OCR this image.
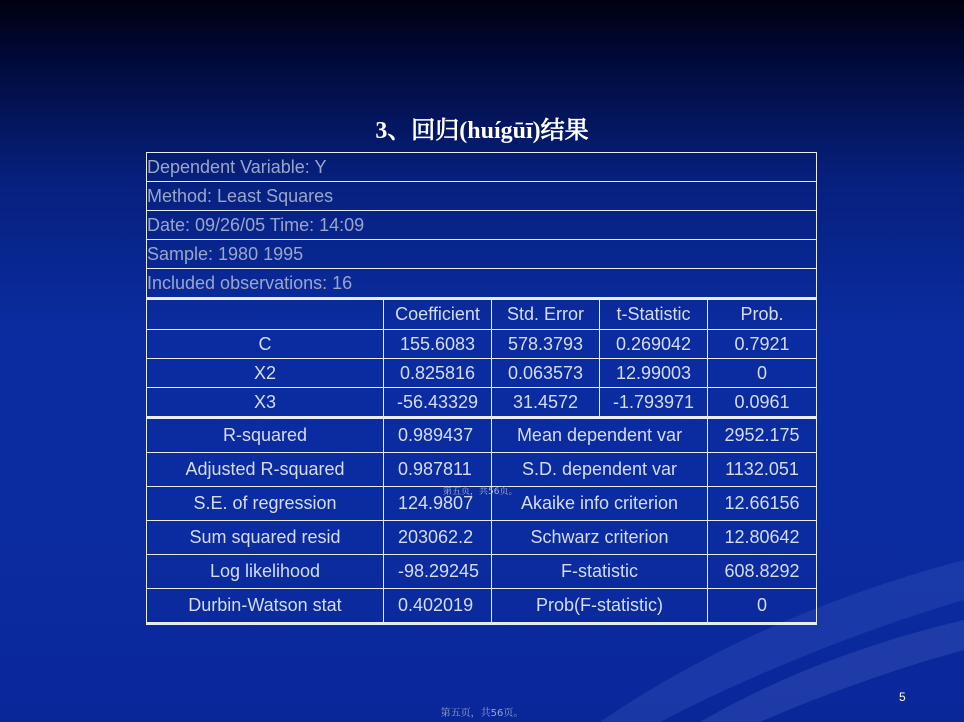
3、回归(huígūī)结果
Dependent Variable: Y				
Method: Least Squares				
Date: 09/26/05 Time: 14:09				
Sample: 1980 1995				
Included observations: 16				
	Coefficient	Std. Error	t-Statistic	Prob.
C	155.6083	578.3793	0.269042	0.7921
X2	0.825816	0.063573	12.99003	0
X3	-56.43329	31.4572	-1.793971	0.0961
R-squared	0.989437	Mean dependent var		2952.175
Adjusted R-squared	0.987811	S.D. dependent var		1132.051
S.E. of regression	124.9807	Akaike info criterion		12.66156
Sum squared resid	203062.2	Schwarz criterion		12.80642
Log likelihood	-98.29245	F-statistic		608.8292
Durbin-Watson stat	0.402019	Prob(F-statistic)		0
第五页，共56页。
5
第五页，共56页。
